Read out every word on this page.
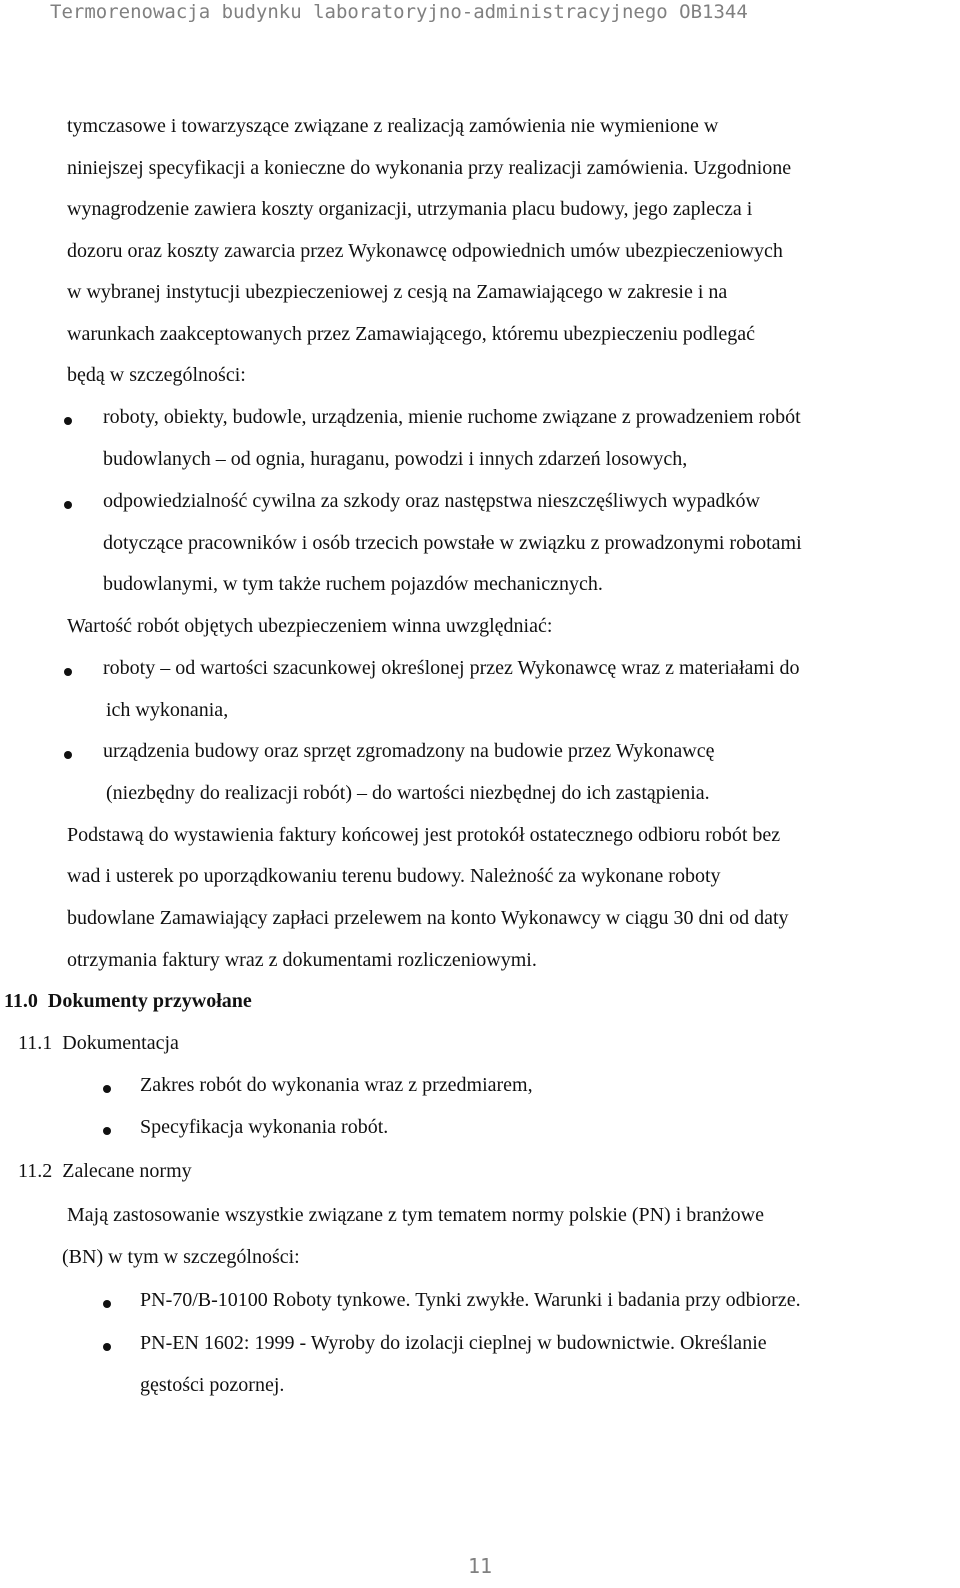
Termorenowacja budynku laboratoryjno-administracyjnego OB1344
tymczasowe i towarzyszące związane z realizacją zamówienia nie wymienione w
niniejszej specyfikacji a konieczne do wykonania przy realizacji zamówienia. Uzgodnione
wynagrodzenie zawiera koszty organizacji, utrzymania placu budowy, jego zaplecza i
dozoru oraz koszty zawarcia przez Wykonawcę odpowiednich umów ubezpieczeniowych
w wybranej instytucji ubezpieczeniowej z cesją na Zamawiającego w zakresie i na
warunkach zaakceptowanych przez Zamawiającego, któremu ubezpieczeniu podlegać
będą w szczególności:
roboty, obiekty, budowle, urządzenia, mienie ruchome związane z prowadzeniem robót
budowlanych – od ognia, huraganu, powodzi i innych zdarzeń losowych,
odpowiedzialność cywilna za szkody oraz następstwa nieszczęśliwych wypadków
dotyczące pracowników i osób trzecich powstałe w związku z prowadzonymi robotami
budowlanymi, w tym także ruchem pojazdów mechanicznych.
Wartość robót objętych ubezpieczeniem winna uwzględniać:
roboty – od wartości szacunkowej określonej przez Wykonawcę wraz z materiałami do
ich wykonania,
urządzenia budowy oraz sprzęt zgromadzony na budowie przez Wykonawcę
(niezbędny do realizacji robót) – do wartości niezbędnej do ich zastąpienia.
Podstawą do wystawienia faktury końcowej jest protokół ostatecznego odbioru robót bez
wad i usterek po uporządkowaniu terenu budowy. Należność za wykonane roboty
budowlane Zamawiający zapłaci przelewem na konto Wykonawcy w ciągu 30 dni od daty
otrzymania faktury wraz z dokumentami rozliczeniowymi.
11.0  Dokumenty przywołane
11.1  Dokumentacja
Zakres robót do wykonania wraz z przedmiarem,
Specyfikacja wykonania robót.
11.2  Zalecane normy
Mają zastosowanie wszystkie związane z tym tematem normy polskie (PN) i branżowe
(BN) w tym w szczególności:
PN-70/B-10100 Roboty tynkowe. Tynki zwykłe. Warunki i badania przy odbiorze.
PN-EN 1602: 1999 - Wyroby do izolacji cieplnej w budownictwie. Określanie
gęstości pozornej.
11
